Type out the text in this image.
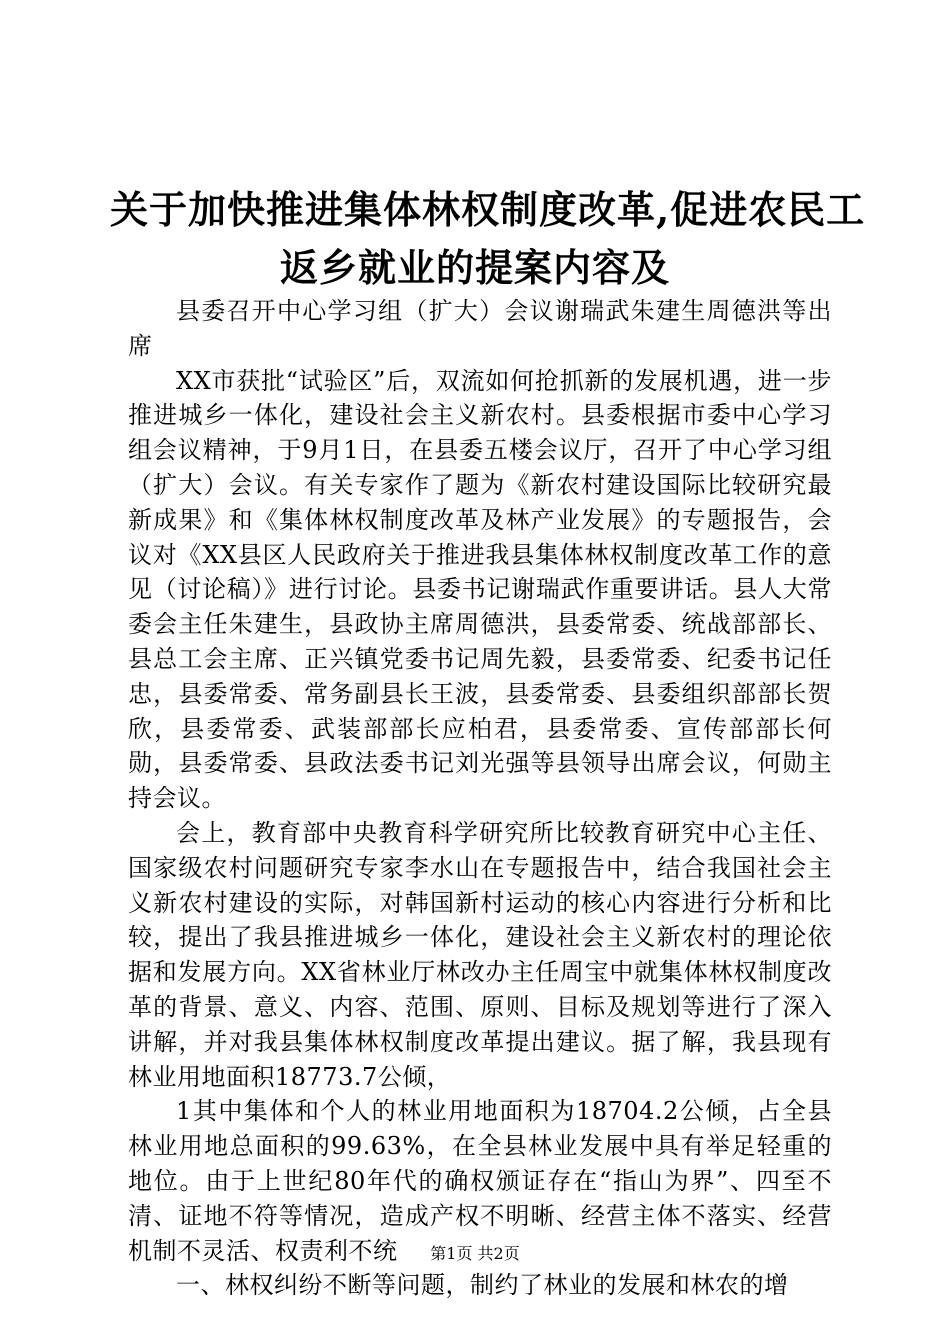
关于加快推进集体林权制度改革,促进农民工
返乡就业的提案内容及

县委召开中心学习组（扩大）会议谢瑞武朱建生周德洪等出席

XX市获批“试验区”后，双流如何抢抓新的发展机遇，进一步推进城乡一体化，建设社会主义新农村。县委根据市委中心学习组会议精神，于9月1日，在县委五楼会议厅，召开了中心学习组（扩大）会议。有关专家作了题为《新农村建设国际比较研究最新成果》和《集体林权制度改革及林产业发展》的专题报告，会议对《XX县区人民政府关于推进我县集体林权制度改革工作的意见（讨论稿）》进行讨论。县委书记谢瑞武作重要讲话。县人大常委会主任朱建生，县政协主席周德洪，县委常委、统战部部长、县总工会主席、正兴镇党委书记周先毅，县委常委、纪委书记任忠，县委常委、常务副县长王波，县委常委、县委组织部部长贺欣，县委常委、武装部部长应柏君，县委常委、宣传部部长何勋，县委常委、县政法委书记刘光强等县领导出席会议，何勋主持会议。

会上，教育部中央教育科学研究所比较教育研究中心主任、国家级农村问题研究专家李水山在专题报告中，结合我国社会主义新农村建设的实际，对韩国新村运动的核心内容进行分析和比较，提出了我县推进城乡一体化，建设社会主义新农村的理论依据和发展方向。XX省林业厅林改办主任周宝中就集体林权制度改革的背景、意义、内容、范围、原则、目标及规划等进行了深入讲解，并对我县集体林权制度改革提出建议。据了解，我县现有林业用地面积18773.7公倾，

1其中集体和个人的林业用地面积为18704.2公倾，占全县林业用地总面积的99.63%，在全县林业发展中具有举足轻重的地位。由于上世纪80年代的确权颁证存在“指山为界”、四至不清、证地不符等情况，造成产权不明晰、经营主体不落实、经营机制不灵活、权责利不统

一、林权纠纷不断等问题，制约了林业的发展和林农的增

第1页 共2页
